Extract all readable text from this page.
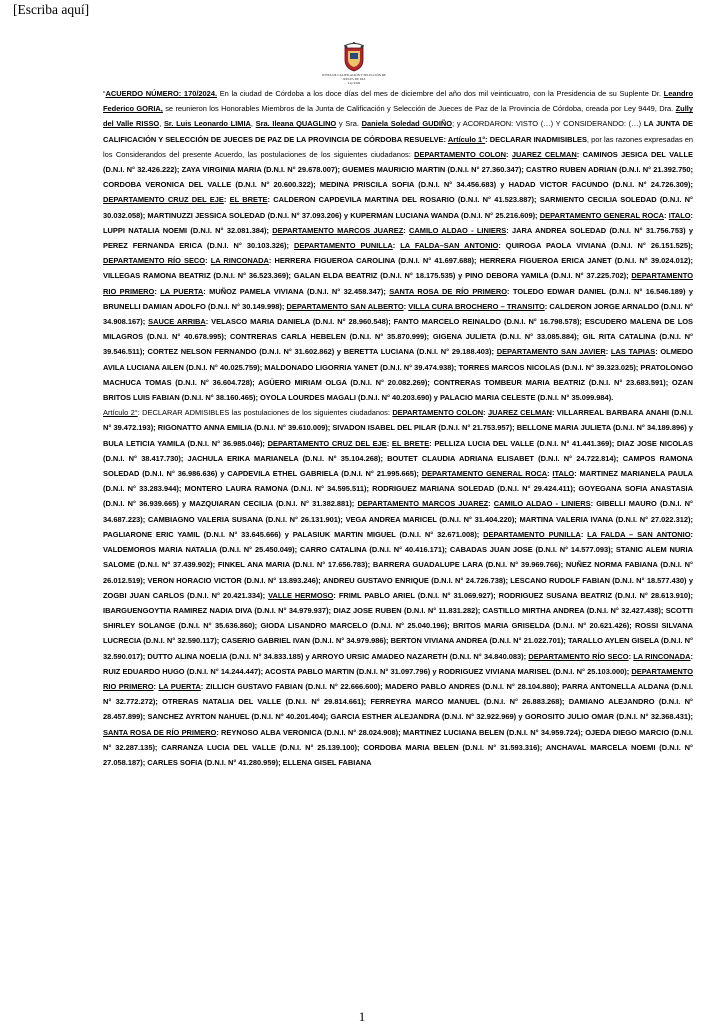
[Escriba aquí]
JUNTA DE CALIFICACIÓN Y SELECCIÓN DE
JUECES DE PAZ
Ley 9449

“ACUERDO NÚMERO: 170/2024. En la ciudad de Córdoba a los doce días del mes de diciembre del año dos mil veinticuatro, con la Presidencia de su Suplente Dr. Leandro Federico GORIA, se reunieron los Honorables Miembros de la Junta de Calificación y Selección de Jueces de Paz de la Provincia de Córdoba, creada por Ley 9449, Dra. Zully del Valle RISSO, Sr. Luis Leonardo LIMIA, Sra. Ileana QUAGLINO y Sra. Daniela Soledad GUDIÑO; y ACORDARON: VISTO (…) Y CONSIDERANDO: (…) LA JUNTA DE CALIFICACIÓN Y SELECCIÓN DE JUECES DE PAZ DE LA PROVINCIA DE CÓRDOBA RESUELVE: Artículo 1°: DECLARAR INADMISIBLES, por las razones expresadas en los Considerandos del presente Acuerdo, las postulaciones de los siguientes ciudadanos: DEPARTAMENTO COLON: JUAREZ CELMAN: CAMINOS JESICA DEL VALLE (D.N.I. N° 32.426.222); ZAYA VIRGINIA MARIA (D.N.I. N° 29.678.007); GUEMES MAURICIO MARTIN (D.N.I. N° 27.360.347); CASTRO RUBEN ADRIAN (D.N.I. N° 21.392.750; CORDOBA VERONICA DEL VALLE (D.N.I. N° 20.600.322); MEDINA PRISCILA SOFIA (D.N.I. N° 34.456.683) y HADAD VICTOR FACUNDO (D.N.I. N° 24.726.309); DEPARTAMENTO CRUZ DEL EJE: EL BRETE: CALDERON CAPDEVILA MARTINA DEL ROSARIO (D.N.I. N° 41.523.887); SARMIENTO CECILIA SOLEDAD (D.N.I. N° 30.032.058); MARTINUZZI JESSICA SOLEDAD (D.N.I. N° 37.093.206) y KUPERMAN LUCIANA WANDA (D.N.I. N° 25.216.609); DEPARTAMENTO GENERAL ROCA: ITALO: LUPPI NATALIA NOEMI (D.N.I. N° 32.081.384); DEPARTAMENTO MARCOS JUAREZ: CAMILO ALDAO - LINIERS: JARA ANDREA SOLEDAD (D.N.I. N° 31.756.753) y PEREZ FERNANDA ERICA (D.N.I. N° 30.103.326); DEPARTAMENTO PUNILLA: LA FALDA–SAN ANTONIO: QUIROGA PAOLA VIVIANA (D.N.I. N° 26.151.525); DEPARTAMENTO RÍO SECO: LA RINCONADA: HERRERA FIGUEROA CAROLINA (D.N.I. N° 41.697.688); HERRERA FIGUEROA ERICA JANET (D.N.I. N° 39.024.012); VILLEGAS RAMONA BEATRIZ (D.N.I. N° 36.523.369); GALAN ELDA BEATRIZ (D.N.I. N° 18.175.535) y PINO DEBORA YAMILA (D.N.I. N° 37.225.702); DEPARTAMENTO RIO PRIMERO: LA PUERTA: MUÑOZ PAMELA VIVIANA (D.N.I. N° 32.458.347); SANTA ROSA DE RÍO PRIMERO: TOLEDO EDWAR DANIEL (D.N.I. N° 16.546.189) y BRUNELLI DAMIAN ADOLFO (D.N.I. N° 30.149.998); DEPARTAMENTO SAN ALBERTO: VILLA CURA BROCHERO – TRANSITO: CALDERON JORGE ARNALDO (D.N.I. N° 34.908.167); SAUCE ARRIBA: VELASCO MARIA DANIELA (D.N.I. N° 28.960.548); FANTO MARCELO REINALDO (D.N.I. N° 16.798.578); ESCUDERO MALENA DE LOS MILAGROS (D.N.I. N° 40.678.995); CONTRERAS CARLA HEBELEN (D.N.I. N° 35.870.999); GIGENA JULIETA (D.N.I. N° 33.085.884); GIL RITA CATALINA (D.N.I. N° 39.546.511); CORTEZ NELSON FERNANDO (D.N.I. N° 31.602.862) y BERETTA LUCIANA (D.N.I. N° 29.188.403); DEPARTAMENTO SAN JAVIER: LAS TAPIAS: OLMEDO AVILA LUCIANA AILEN (D.N.I. N° 40.025.759); MALDONADO LIGORRIA YANET (D.N.I. N° 39.474.938); TORRES MARCOS NICOLAS (D.N.I. N° 39.323.025); PRATOLONGO MACHUCA TOMAS (D.N.I. N° 36.604.728); AGÜERO MIRIAM OLGA (D.N.I. N° 20.082.269); CONTRERAS TOMBEUR MARIA BEATRIZ (D.N.I. N° 23.683.591); OZAN BRITOS LUIS FABIAN (D.N.I. N° 38.160.465); OYOLA LOURDES MAGALI (D.N.I. N° 40.203.690) y PALACIO MARIA CELESTE (D.N.I. N° 35.099.984).

Artículo 2°: DECLARAR ADMISIBLES las postulaciones de los siguientes ciudadanos: DEPARTAMENTO COLON: JUAREZ CELMAN: VILLARREAL BARBARA ANAHI (D.N.I. N° 39.472.193); RIGONATTO ANNA EMILIA (D.N.I. N° 39.610.009); SIVADON ISABEL DEL PILAR (D.N.I. N° 21.753.957); BELLONE MARIA JULIETA (D.N.I. N° 34.189.896) y BULA LETICIA YAMILA (D.N.I. N° 36.985.046); DEPARTAMENTO CRUZ DEL EJE: EL BRETE: PELLIZA LUCIA DEL VALLE (D.N.I. N° 41.441.369); DIAZ JOSE NICOLAS (D.N.I. N° 38.417.730); JACHULA ERIKA MARIANELA (D.N.I. N° 35.104.268); BOUTET CLAUDIA ADRIANA ELISABET (D.N.I. N° 24.722.814); CAMPOS RAMONA SOLEDAD (D.N.I. N° 36.986.636) y CAPDEVILA ETHEL GABRIELA (D.N.I. N° 21.995.665); DEPARTAMENTO GENERAL ROCA: ITALO: MARTINEZ MARIANELA PAULA (D.N.I. N° 33.283.944); MONTERO LAURA RAMONA (D.N.I. N° 34.595.511); RODRIGUEZ MARIANA SOLEDAD (D.N.I. N° 29.424.411); GOYEGANA SOFIA ANASTASIA (D.N.I. N° 36.939.665) y MAZQUIARAN CECILIA (D.N.I. N° 31.382.881); DEPARTAMENTO MARCOS JUAREZ: CAMILO ALDAO - LINIERS: GIBELLI MAURO (D.N.I. N° 34.687.223); CAMBIAGNO VALERIA SUSANA (D.N.I. N° 26.131.901); VEGA ANDREA MARICEL (D.N.I. N° 31.404.220); MARTINA VALERIA IVANA (D.N.I. N° 27.022.312); PAGLIARONE ERIC YAMIL (D.N.I. N° 33.645.666) y PALASIUK MARTIN MIGUEL (D.N.I. N° 32.671.008); DEPARTAMENTO PUNILLA: LA FALDA – SAN ANTONIO: VALDEMOROS MARIA NATALIA (D.N.I. N° 25.450.049); CARRO CATALINA (D.N.I. N° 40.416.171); CABADAS JUAN JOSE (D.N.I. N° 14.577.093); STANIC ALEM NURIA SALOME (D.N.I. N° 37.439.902); FINKEL ANA MARIA (D.N.I. N° 17.656.783); BARRERA GUADALUPE LARA (D.N.I. N° 39.969.766); NUÑEZ NORMA FABIANA (D.N.I. N° 26.012.519); VERON HORACIO VICTOR (D.N.I. N° 13.893.246); ANDREU GUSTAVO ENRIQUE (D.N.I. N° 24.726.738); LESCANO RUDOLF FABIAN (D.N.I. N° 18.577.430) y ZOGBI JUAN CARLOS (D.N.I. N° 20.421.334); VALLE HERMOSO: FRIML PABLO ARIEL (D.N.I. N° 31.069.927); RODRIGUEZ SUSANA BEATRIZ (D.N.I. N° 28.613.910); IBARGUENGOYTIA RAMIREZ NADIA DIVA (D.N.I. N° 34.979.937); DIAZ JOSE RUBEN (D.N.I. N° 11.831.282); CASTILLO MIRTHA ANDREA (D.N.I. N° 32.427.438); SCOTTI SHIRLEY SOLANGE (D.N.I. N° 35.636.860); GIODA LISANDRO MARCELO (D.N.I. N° 25.040.196); BRITOS MARIA GRISELDA (D.N.I. N° 20.621.426); ROSSI SILVANA LUCRECIA (D.N.I. N° 32.590.117); CASERIO GABRIEL IVAN (D.N.I. N° 34.979.986); BERTON VIVIANA ANDREA (D.N.I. N° 21.022.701); TARALLO AYLEN GISELA (D.N.I. N° 32.590.017); DUTTO ALINA NOELIA (D.N.I. N° 34.833.185) y ARROYO URSIC AMADEO NAZARETH (D.N.I. N° 34.840.083); DEPARTAMENTO RÍO SECO: LA RINCONADA: RUIZ EDUARDO HUGO (D.N.I. N° 14.244.447); ACOSTA PABLO MARTIN (D.N.I. N° 31.097.796) y RODRIGUEZ VIVIANA MARISEL (D.N.I. N° 25.103.000); DEPARTAMENTO RIO PRIMERO: LA PUERTA: ZILLICH GUSTAVO FABIAN (D.N.I. N° 22.666.600); MADERO PABLO ANDRES (D.N.I. N° 28.104.880); PARRA ANTONELLA ALDANA (D.N.I. N° 32.772.272); OTRERAS NATALIA DEL VALLE (D.N.I. N° 29.814.661); FERREYRA MARCO MANUEL (D.N.I. N° 26.883.268); DAMIANO ALEJANDRO (D.N.I. N° 28.457.899); SANCHEZ AYRTON NAHUEL (D.N.I. N° 40.201.404); GARCIA ESTHER ALEJANDRA (D.N.I. N° 32.922.969) y GOROSITO JULIO OMAR (D.N.I. N° 32.368.431); SANTA ROSA DE RÍO PRIMERO: REYNOSO ALBA VERONICA (D.N.I. N° 28.024.908); MARTINEZ LUCIANA BELEN (D.N.I. N° 34.959.724); OJEDA DIEGO MARCIO (D.N.I. N° 32.287.135); CARRANZA LUCIA DEL VALLE (D.N.I. N° 25.139.100); CORDOBA MARIA BELEN (D.N.I. N° 31.593.316); ANCHAVAL MARCELA NOEMI (D.N.I. N° 27.058.187); CARLES SOFIA (D.N.I. N° 41.280.959); ELLENA GISEL FABIANA

1
